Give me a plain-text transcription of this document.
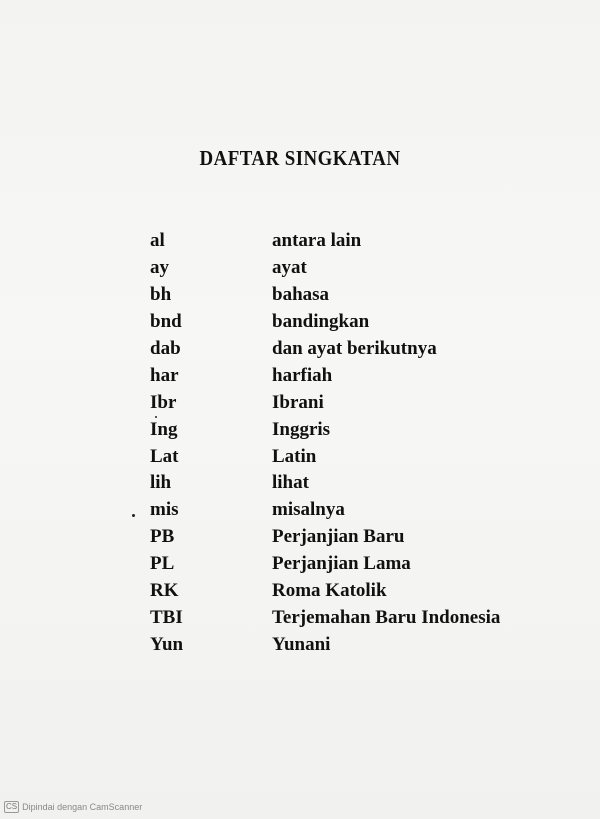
DAFTAR SINGKATAN
al	antara lain
ay	ayat
bh	bahasa
bnd	bandingkan
dab	dan ayat berikutnya
har	harfiah
Ibr	Ibrani
Ing	Inggris
Lat	Latin
lih	lihat
mis	misalnya
PB	Perjanjian Baru
PL	Perjanjian Lama
RK	Roma Katolik
TBI	Terjemahan Baru Indonesia
Yun	Yunani
CS Dipindai dengan CamScanner
